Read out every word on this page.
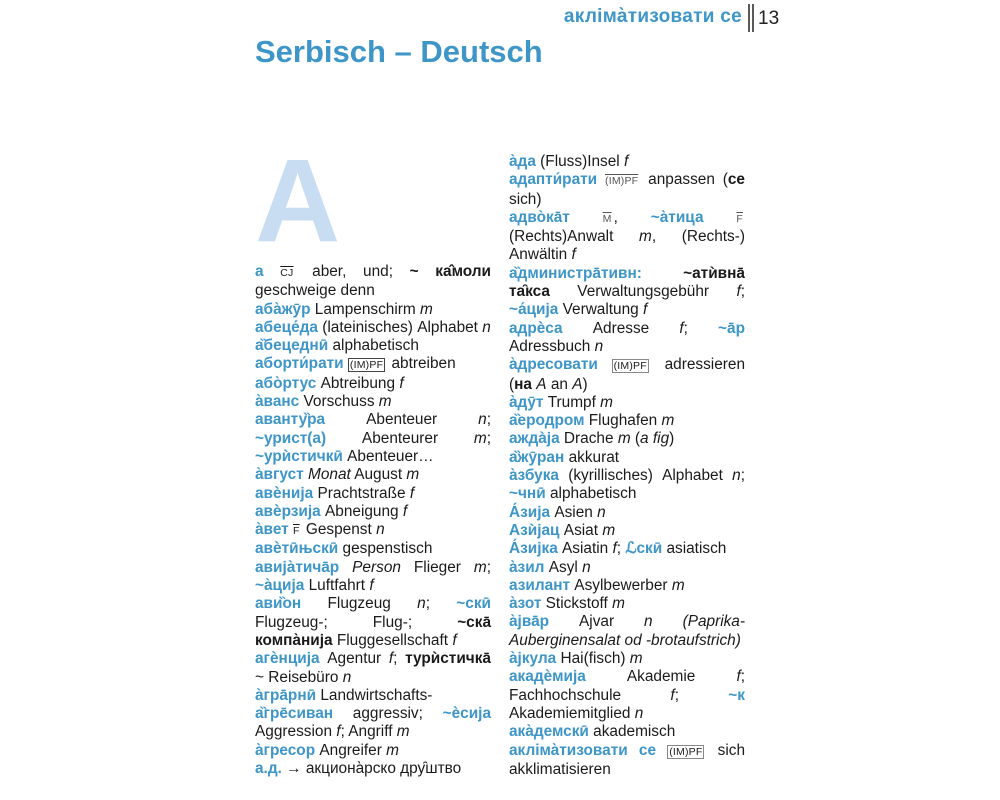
акліма̀тизовати се 13
Serbisch – Deutsch
A
а $\overline{CJ}$ aber, und; ~ ка̂моли geschweige denn
аба̀жӯр Lampenschirm m
абеце́да (lateinisches) Alphabet n
а̏бецеднӣ alphabetisch
аборти́рати (IM)PF abtreiben
або̀ртус Abtreibung f
а̀ванс Vorschuss m
аванту̏ра Abenteuer n; ~урист(а) Abenteurer m; ~урѝстичкӣ Abenteuer…
а̀вгуст Monat August m
авѐнија Prachtstraße f
авѐрзија Abneigung f
а̀вет $\overline{F}$ Gespenst n
авѐтӣњскӣ gespenstisch
авија̀тича̄р Person Flieger m; ~а̀ција Luftfahrt f
ави̏он Flugzeug n; ~скӣ Flugzeug-; Flug-; ~ска̄ компа̀нија Fluggesellschaft f
агѐнција Agentur f; турѝстичка̄ ~ Reisebüro n
а̀гра̄рнӣ Landwirtschafts-
а̏гре̄сиван aggressiv; ~ѐсија Aggression f; Angriff m
а̀гресор Angreifer m
а.д. → акциона̀рско дру̑штво
а̀да (Fluss)Insel f
адапти́рати (IM)PF anpassen (се sich)
адво̀ка̄т	$\overline{M}$ , ~а̀тица	$\overline{F}$ (Rechts)Anwalt m, (Rechts-) Anwältin f
а̏дминистра̄тивн:	~атѝвна̄ та̑кса Verwaltungsgebühr f; ~а́ција Verwaltung f
адрѐса Adresse f; ~а̄р Adressbuch n
а̀дресовати (IM)PF adressieren (на A an A)
а̀дӯт Trumpf m
а̏еродром Flughafen m
аждàја Drache m (a fig)
а̏жӯран akkurat
а̀збука (kyrillisches) Alphabet n; ~чнӣ alphabetisch
А́зија Asien n
Азѝјац Asiat m
А́зијка Asiatin f; ℒскӣ asiatisch
а̀зил Asyl n
азилант Asylbewerber m
а̀зот Stickstoff m
а̀јва̄р Ajvar n (Paprika-Auberginensalat od -brotaufstrich)
а̀јкула Hai(fisch) m
акадѐмија Akademie f; Fachhochschule f; ~к Akademiemitglied n
ака̀демскӣ akademisch
акліма̀тизовати се (IM)PF sich akklimatisieren
